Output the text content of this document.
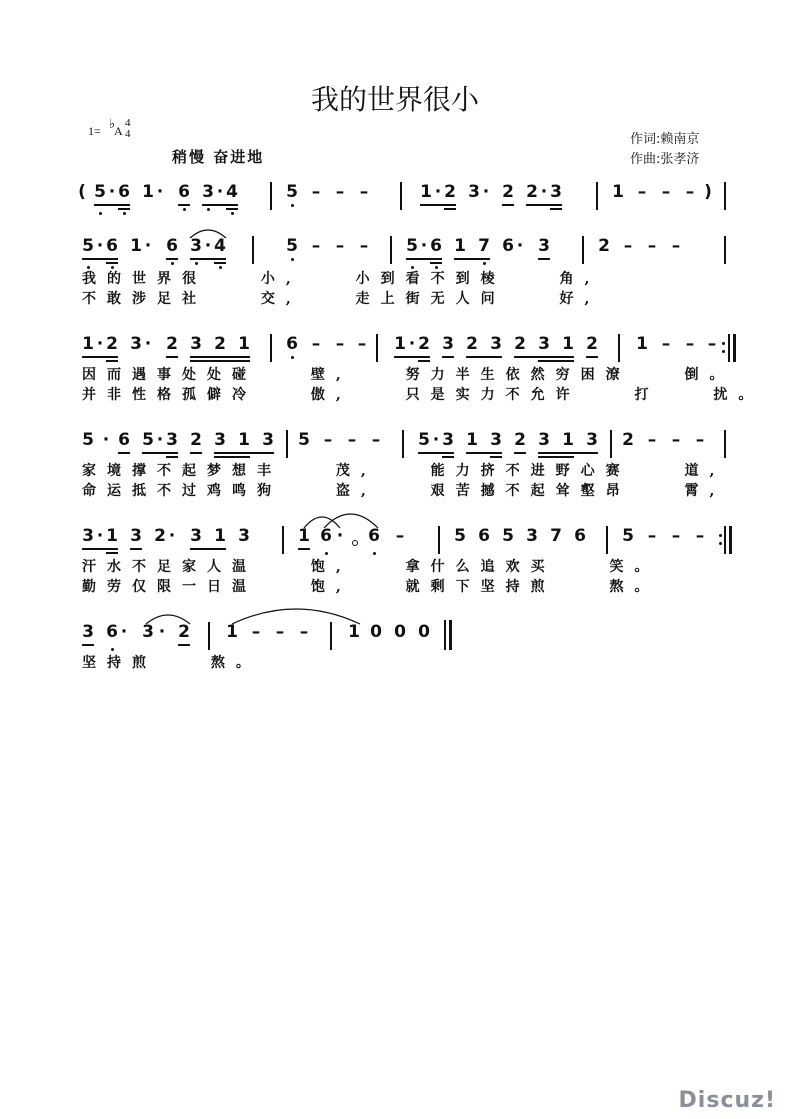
我的世界很小
1= ♭
A
4
4
稍慢 奋进地
作词:赖南京
作曲:张孝济
( 5 · 6 1 · 6 3 · 4	5 – – –	1 · 2 3 · 2 2 · 3	1 – – – )
5 · 6 1 · 6 3 · 4	5 – – – 5 · 6 1 7 6 · 3	2 – – –
我的世界很 小, 小到看不到棱 角,
不敢涉足社 交, 走上街无人问 好,
1 · 2 3 · 2 3 2 1 6 – – – 1 · 2 3 2 3 2 3 1 2 1 – – –
因而遇事处处碰 壁, 努力半生依然穷困潦 倒。
并非性格孤僻冷 傲, 只是实力不允许 打 扰。
5 · 6 5 · 3 2 3 1 3 5 – – – 5 · 3 1 3 2 3 1 3 2 – – –
家境撑不起梦想丰 茂, 能力挤不进野心赛 道,
命运抵不过鸡鸣狗 盗, 艰苦撼不起耸壑昂 霄,
3 · 1 3 2 · 3 1 3	1 6 · 6 –	5 6 5 3 7 6 5 – – –
汗水不足家人温 饱, 拿什么追欢买 笑。
勤劳仅限一日温 饱, 就剩下坚持煎 熬。
3 6 · 3 · 2 1 – – – 1 0 0 0
坚持煎 熬。
Discuz!
